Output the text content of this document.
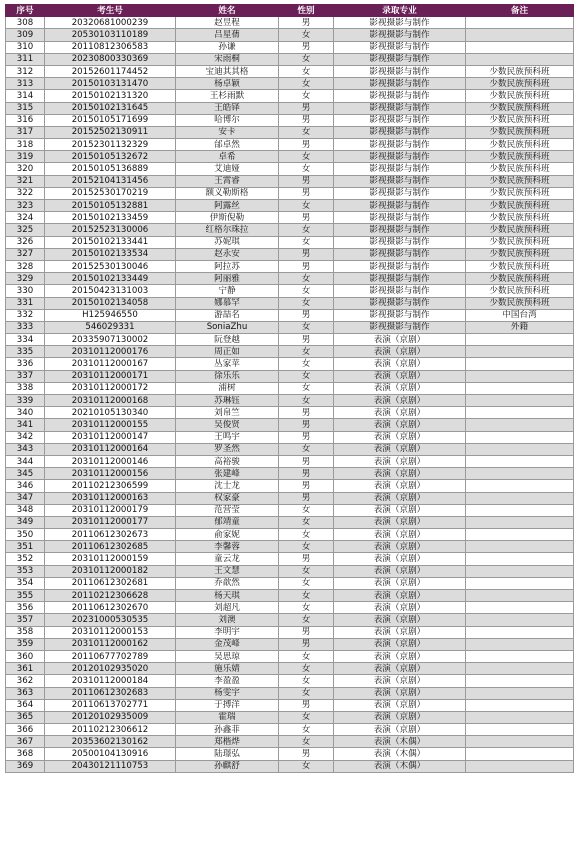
序号	考生号	姓名	性别	录取专业	备注
308	20320681000239	赵昱程	男	影视摄影与制作	
309	20530103110189	吕星蒨	女	影视摄影与制作	
310	20110812306583	孙谦	男	影视摄影与制作	
311	20230800330369	宋雨桐	女	影视摄影与制作	
312	20152601174452	宝迪其其格	女	影视摄影与制作	少数民族预科班
313	20150103131470	杨卓颖	女	影视摄影与制作	少数民族预科班
314	20150102131320	王杉雨默	女	影视摄影与制作	少数民族预科班
315	20150102131645	王皓铎	男	影视摄影与制作	少数民族预科班
316	20150105171699	哈博尔	男	影视摄影与制作	少数民族预科班
317	20152502130911	安卡	女	影视摄影与制作	少数民族预科班
318	20152301132329	邰卓然	男	影视摄影与制作	少数民族预科班
319	20150105132672	卓希	女	影视摄影与制作	少数民族预科班
320	20150105136889	艾迪娅	女	影视摄影与制作	少数民族预科班
321	20152104131456	王霄睿	男	影视摄影与制作	少数民族预科班
322	20152530170219	额义勒斯格	男	影视摄影与制作	少数民族预科班
323	20150105132881	阿露丝	女	影视摄影与制作	少数民族预科班
324	20150102133459	伊斯倪勒	男	影视摄影与制作	少数民族预科班
325	20152523130006	红格尔珠拉	女	影视摄影与制作	少数民族预科班
326	20150102133441	苏妮琪	女	影视摄影与制作	少数民族预科班
327	20150102133534	赵永安	男	影视摄影与制作	少数民族预科班
328	20152530130046	阿拉苏	男	影视摄影与制作	少数民族预科班
329	20150102133449	阿丽雅	女	影视摄影与制作	少数民族预科班
330	20150423131003	宁静	女	影视摄影与制作	少数民族预科班
331	20150102134058	娜慕罕	女	影视摄影与制作	少数民族预科班
332	H125946550	游喆名	男	影视摄影与制作	中国台湾
333	546029331	SoniaZhu	女	影视摄影与制作	外籍
334	20335907130002	阮登越	男	表演（京剧）	
335	20310112000176	周正如	女	表演（京剧）	
336	20310112000167	丛家苹	女	表演（京剧）	
337	20310112000171	徐乐乐	女	表演（京剧）	
338	20310112000172	浦树	女	表演（京剧）	
339	20310112000168	苏琳钰	女	表演（京剧）	
340	20210105130340	刘帛竺	男	表演（京剧）	
341	20310112000155	吴俊贤	男	表演（京剧）	
342	20310112000147	王鸣宇	男	表演（京剧）	
343	20310112000164	罗圣然	女	表演（京剧）	
344	20310112000146	高裕骏	男	表演（京剧）	
345	20310112000156	张建峰	男	表演（京剧）	
346	20110212306599	沈士龙	男	表演（京剧）	
347	20310112000163	权家豪	男	表演（京剧）	
348	20310112000179	范营莹	女	表演（京剧）	
349	20310112000177	郁靖童	女	表演（京剧）	
350	20110612302673	俞家妮	女	表演（京剧）	
351	20110612302685	李馨蓉	女	表演（京剧）	
352	20310112000159	童云龙	男	表演（京剧）	
353	20310112000182	王文慧	女	表演（京剧）	
354	20110612302681	乔歆然	女	表演（京剧）	
355	20110212306628	杨天琪	女	表演（京剧）	
356	20110612302670	刘超凡	女	表演（京剧）	
357	20231000530535	刘澳	女	表演（京剧）	
358	20310112000153	李明宇	男	表演（京剧）	
359	20310112000162	金茂峰	男	表演（京剧）	
360	20110677702789	吴思琼	女	表演（京剧）	
361	20120102935020	施乐婧	女	表演（京剧）	
362	20310112000184	李盈盈	女	表演（京剧）	
363	20110612302683	杨雯宇	女	表演（京剧）	
364	20110613702771	于搏洋	男	表演（京剧）	
365	20120102935009	霍瑞	女	表演（京剧）	
366	20110212306612	孙鑫菲	女	表演（京剧）	
367	20353602130162	郑楷烨	女	表演（木偶）	
368	20500104130916	陆璟弘	男	表演（木偶）	
369	20430121110753	孙麒舒	女	表演（木偶）	
